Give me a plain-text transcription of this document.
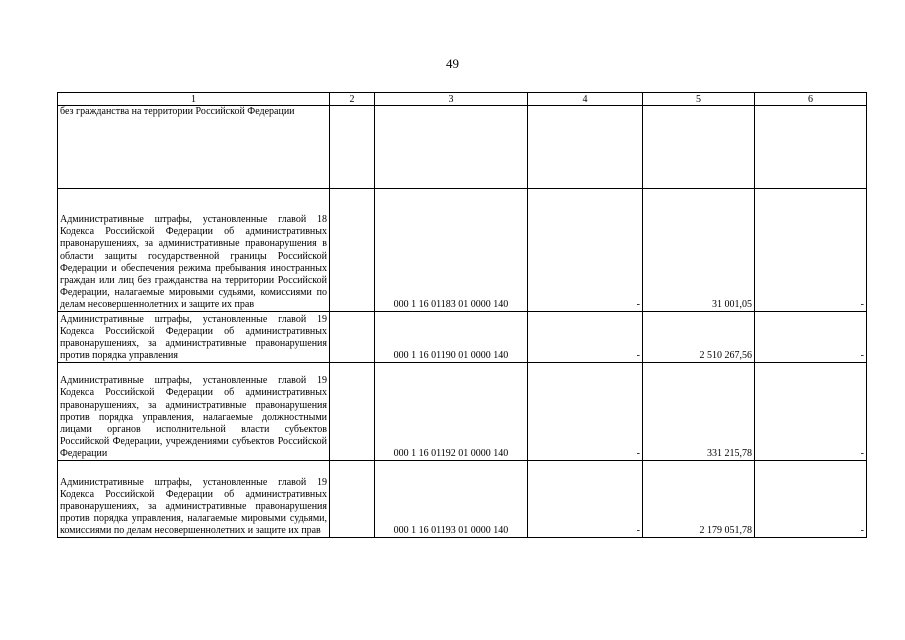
49
1	2	3	4	5	6

без гражданства на территории Российской Федерации					

Административные штрафы, установленные главой 18 Кодекса Российской Федерации об административных правонарушениях, за административные правонарушения в области защиты государственной границы Российской Федерации и обеспечения режима пребывания иностранных граждан или лиц без гражданства на территории Российской Федерации, налагаемые мировыми судьями, комиссиями по делам несовершеннолетних и защите их прав		000 1 16 01183 01 0000 140	-	31 001,05	-

Административные штрафы, установленные главой 19 Кодекса Российской Федерации об административных правонарушениях, за административные правонарушения против порядка управления		000 1 16 01190 01 0000 140	-	2 510 267,56	-

Административные штрафы, установленные главой 19 Кодекса Российской Федерации об административных правонарушениях, за административные правонарушения против порядка управления, налагаемые должностными лицами органов исполнительной власти субъектов Российской Федерации, учреждениями субъектов Российской Федерации		000 1 16 01192 01 0000 140	-	331 215,78	-

Административные штрафы, установленные главой 19 Кодекса Российской Федерации об административных правонарушениях, за административные правонарушения против порядка управления, налагаемые мировыми судьями, комиссиями по делам несовершеннолетних и защите их прав		000 1 16 01193 01 0000 140	-	2 179 051,78	-
